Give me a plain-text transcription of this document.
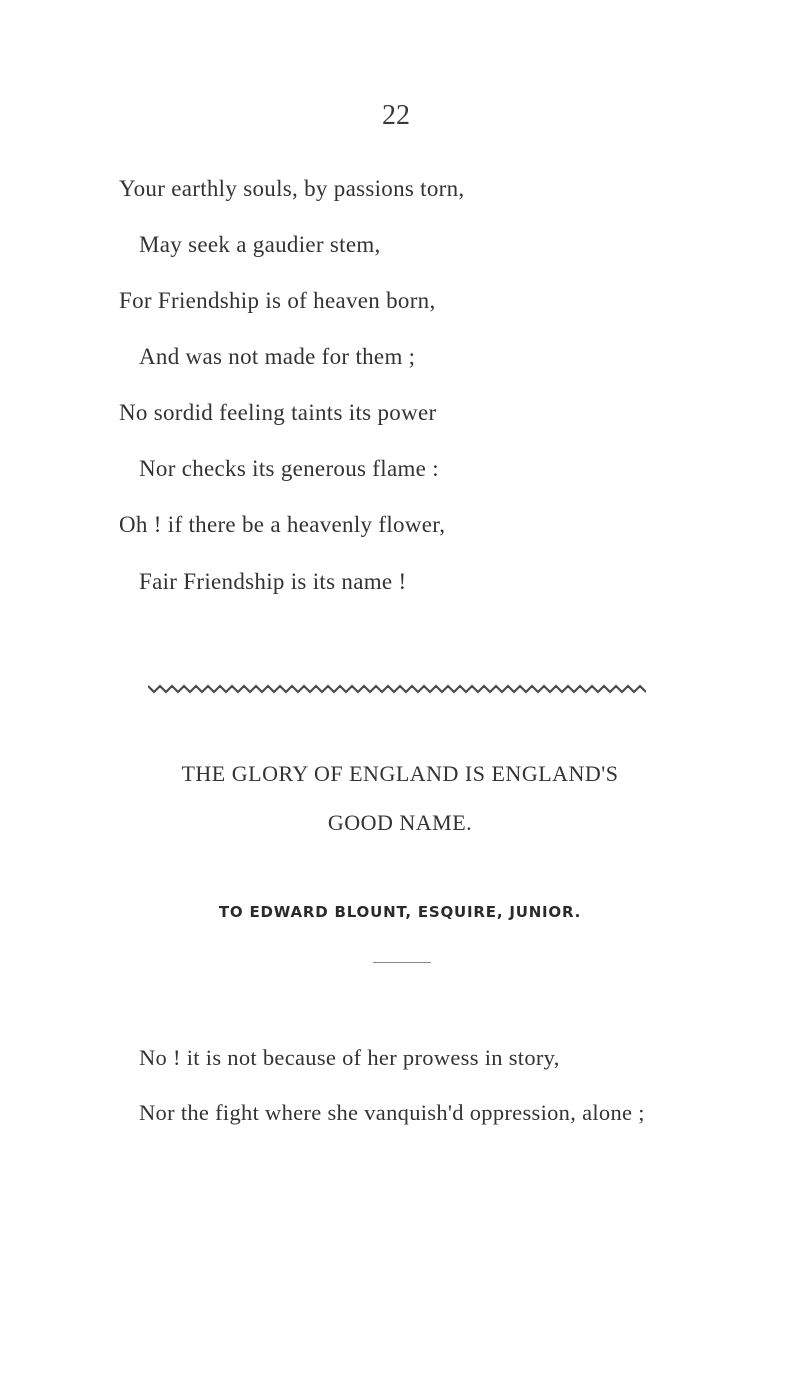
22
Your earthly souls, by passions torn,
May seek a gaudier stem,
For Friendship is of heaven born,
And was not made for them ;
No sordid feeling taints its power
Nor checks its generous flame :
Oh ! if there be a heavenly flower,
Fair Friendship is its name !
THE GLORY OF ENGLAND IS ENGLAND'S
GOOD NAME.
TO EDWARD BLOUNT, ESQUIRE, JUNIOR.
No ! it is not because of her prowess in story,
Nor the fight where she vanquish'd oppression, alone ;
